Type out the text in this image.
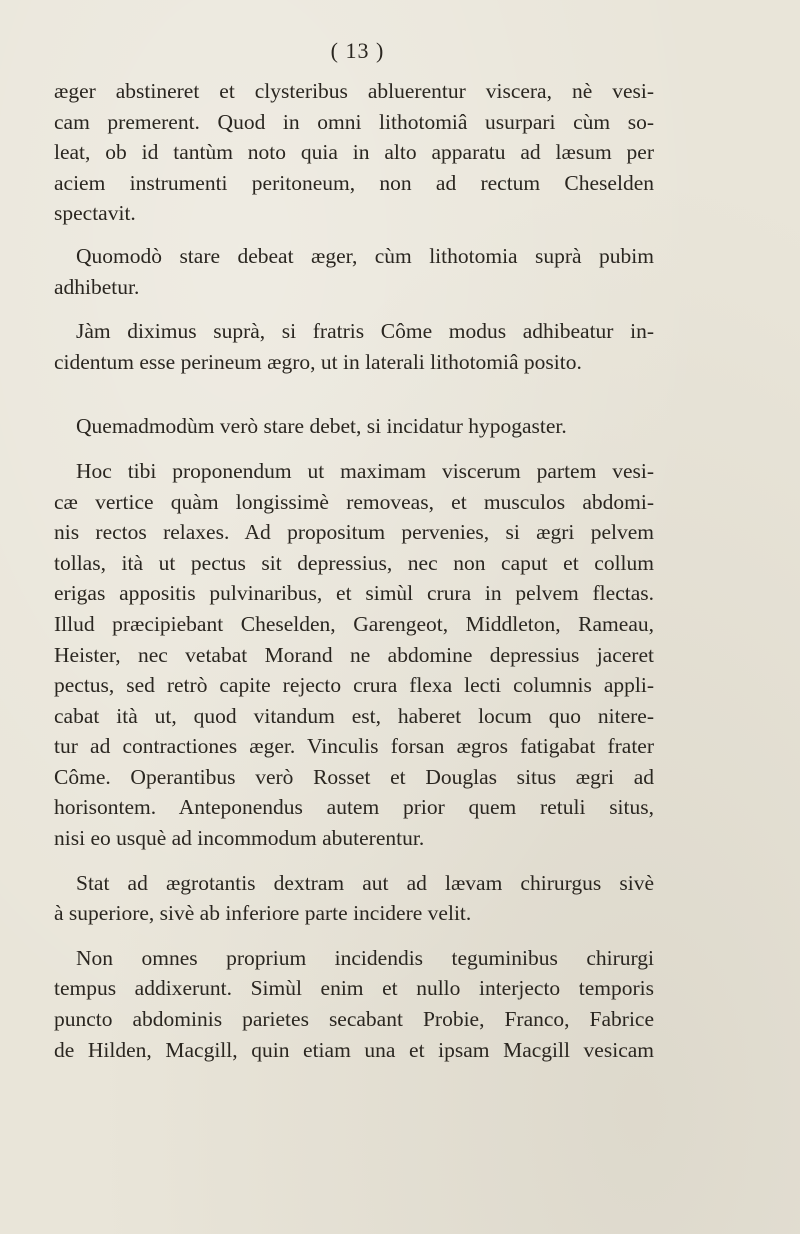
( 13 )
æger abstineret et clysteribus abluerentur viscera, nè vesi-
cam premerent. Quod in omni lithotomiâ usurpari cùm so-
leat, ob id tantùm noto quia in alto apparatu ad læsum per
aciem instrumenti peritoneum, non ad rectum Cheselden
spectavit.
Quomodò stare debeat æger, cùm lithotomia suprà pubim
adhibetur.
Jàm diximus suprà, si fratris Côme modus adhibeatur in-
cidentum esse perineum ægro, ut in laterali lithotomiâ posito.
Quemadmodùm verò stare debet, si incidatur hypogaster.
Hoc tibi proponendum ut maximam viscerum partem vesi-
cæ vertice quàm longissimè removeas, et musculos abdomi-
nis rectos relaxes. Ad propositum pervenies, si ægri pelvem
tollas, ità ut pectus sit depressius, nec non caput et collum
erigas appositis pulvinaribus, et simùl crura in pelvem flectas.
Illud præcipiebant Cheselden, Garengeot, Middleton, Rameau,
Heister, nec vetabat Morand ne abdomine depressius jaceret
pectus, sed retrò capite rejecto crura flexa lecti columnis appli-
cabat ità ut, quod vitandum est, haberet locum quo nitere-
tur ad contractiones æger. Vinculis forsan ægros fatigabat frater
Côme. Operantibus verò Rosset et Douglas situs ægri ad
horisontem. Anteponendus autem prior quem retuli situs,
nisi eo usquè ad incommodum abuterentur.
Stat ad ægrotantis dextram aut ad lævam chirurgus sivè
à superiore, sivè ab inferiore parte incidere velit.
Non omnes proprium incidendis teguminibus chirurgi
tempus addixerunt. Simùl enim et nullo interjecto temporis
puncto abdominis parietes secabant Probie, Franco, Fabrice
de Hilden, Macgill, quin etiam una et ipsam Macgill vesicam
